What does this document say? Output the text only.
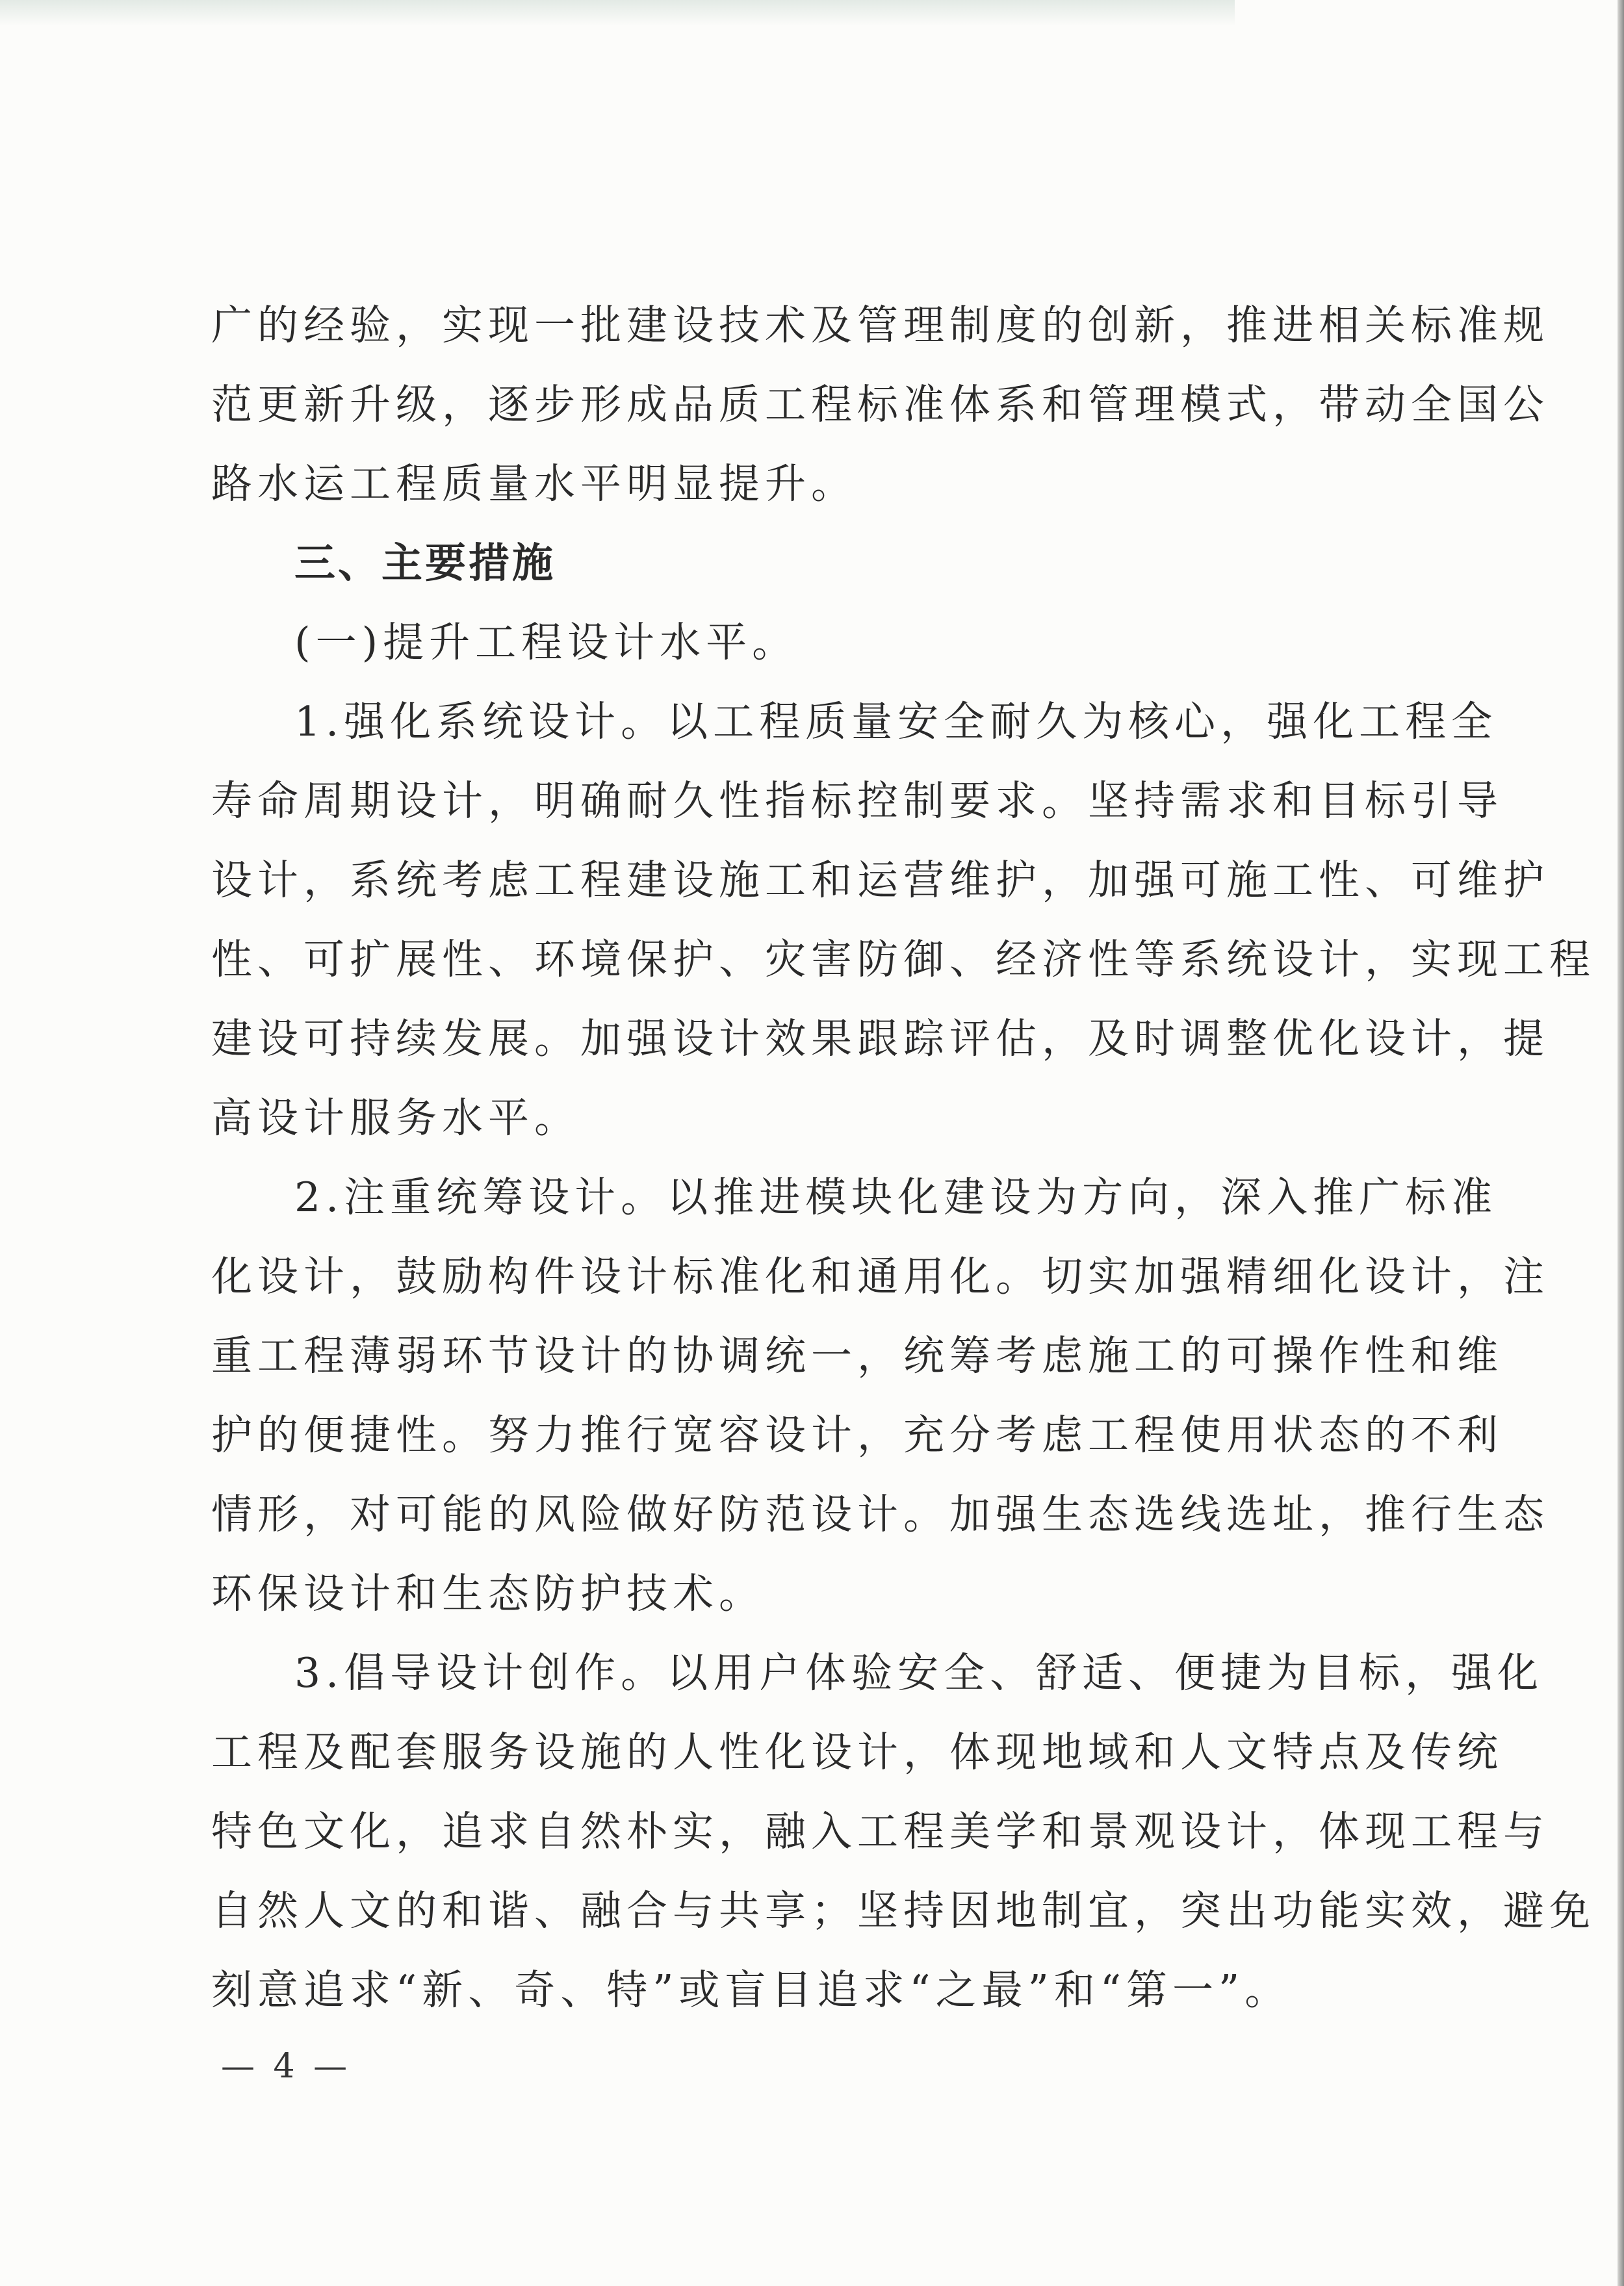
广的经验，实现一批建设技术及管理制度的创新，推进相关标准规
范更新升级，逐步形成品质工程标准体系和管理模式，带动全国公
路水运工程质量水平明显提升。
三、主要措施
(一)提升工程设计水平。
1.强化系统设计。以工程质量安全耐久为核心，强化工程全
寿命周期设计，明确耐久性指标控制要求。坚持需求和目标引导
设计，系统考虑工程建设施工和运营维护，加强可施工性、可维护
性、可扩展性、环境保护、灾害防御、经济性等系统设计，实现工程
建设可持续发展。加强设计效果跟踪评估，及时调整优化设计，提
高设计服务水平。
2.注重统筹设计。以推进模块化建设为方向，深入推广标准
化设计，鼓励构件设计标准化和通用化。切实加强精细化设计，注
重工程薄弱环节设计的协调统一，统筹考虑施工的可操作性和维
护的便捷性。努力推行宽容设计，充分考虑工程使用状态的不利
情形，对可能的风险做好防范设计。加强生态选线选址，推行生态
环保设计和生态防护技术。
3.倡导设计创作。以用户体验安全、舒适、便捷为目标，强化
工程及配套服务设施的人性化设计，体现地域和人文特点及传统
特色文化，追求自然朴实，融入工程美学和景观设计，体现工程与
自然人文的和谐、融合与共享；坚持因地制宜，突出功能实效，避免
刻意追求“新、奇、特”或盲目追求“之最”和“第一”。
— 4 —
